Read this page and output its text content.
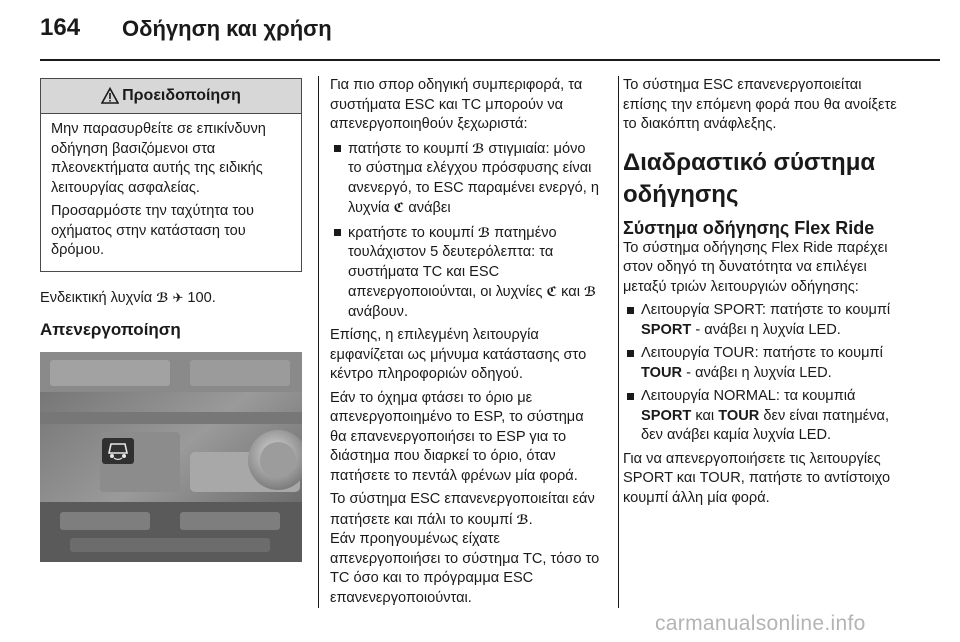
164 Οδήγηση και χρήση
Προειδοποίηση

Μην παρασυρθείτε σε επικίνδυνη οδήγηση βασιζόμενοι στα πλεονεκτήματα αυτής της ειδικής λειτουργίας ασφαλείας.

Προσαρμόστε την ταχύτητα του οχήματος στην κατάσταση του δρόμου.

Ενδεικτική λυχνία ℬ ✈ 100.

Απενεργοποίηση

Για πιο σπορ οδηγική συμπεριφορά, τα συστήματα ESC και TC μπορούν να απενεργοποιηθούν ξεχωριστά:

πατήστε το κουμπί ℬ στιγμιαία: μόνο το σύστημα ελέγχου πρόσφυσης είναι ανενεργό, το ESC παραμένει ενεργό, η λυχνία ℭ ανάβει
κρατήστε το κουμπί ℬ πατημένο τουλάχιστον 5 δευτερόλεπτα: τα συστήματα TC και ESC απενεργοποιούνται, οι λυχνίες ℭ και ℬ ανάβουν.

Επίσης, η επιλεγμένη λειτουργία εμφανίζεται ως μήνυμα κατάστασης στο κέντρο πληροφοριών οδηγού.

Εάν το όχημα φτάσει το όριο με απενεργοποιημένο το ESP, το σύστημα θα επανενεργοποιήσει το ESP για το διάστημα που διαρκεί το όριο, όταν πατήσετε το πεντάλ φρένων μία φορά.

Το σύστημα ESC επανενεργοποιείται εάν πατήσετε και πάλι το κουμπί ℬ.

Εάν προηγουμένως είχατε απενεργοποιήσει το σύστημα TC, τόσο το TC όσο και το πρόγραμμα ESC επανενεργοποιούνται.

Το σύστημα ESC επανενεργοποιείται επίσης την επόμενη φορά που θα ανοίξετε το διακόπτη ανάφλεξης.

Διαδραστικό σύστημα οδήγησης
Σύστημα οδήγησης Flex Ride

Το σύστημα οδήγησης Flex Ride παρέχει στον οδηγό τη δυνατότητα να επιλέγει μεταξύ τριών λειτουργιών οδήγησης:

Λειτουργία SPORT: πατήστε το κουμπί SPORT - ανάβει η λυχνία LED.
Λειτουργία TOUR: πατήστε το κουμπί TOUR - ανάβει η λυχνία LED.
Λειτουργία NORMAL: τα κουμπιά SPORT και TOUR δεν είναι πατημένα, δεν ανάβει καμία λυχνία LED.

Για να απενεργοποιήσετε τις λειτουργίες SPORT και TOUR, πατήστε το αντίστοιχο κουμπί άλλη μία φορά.

carmanualsonline.info
